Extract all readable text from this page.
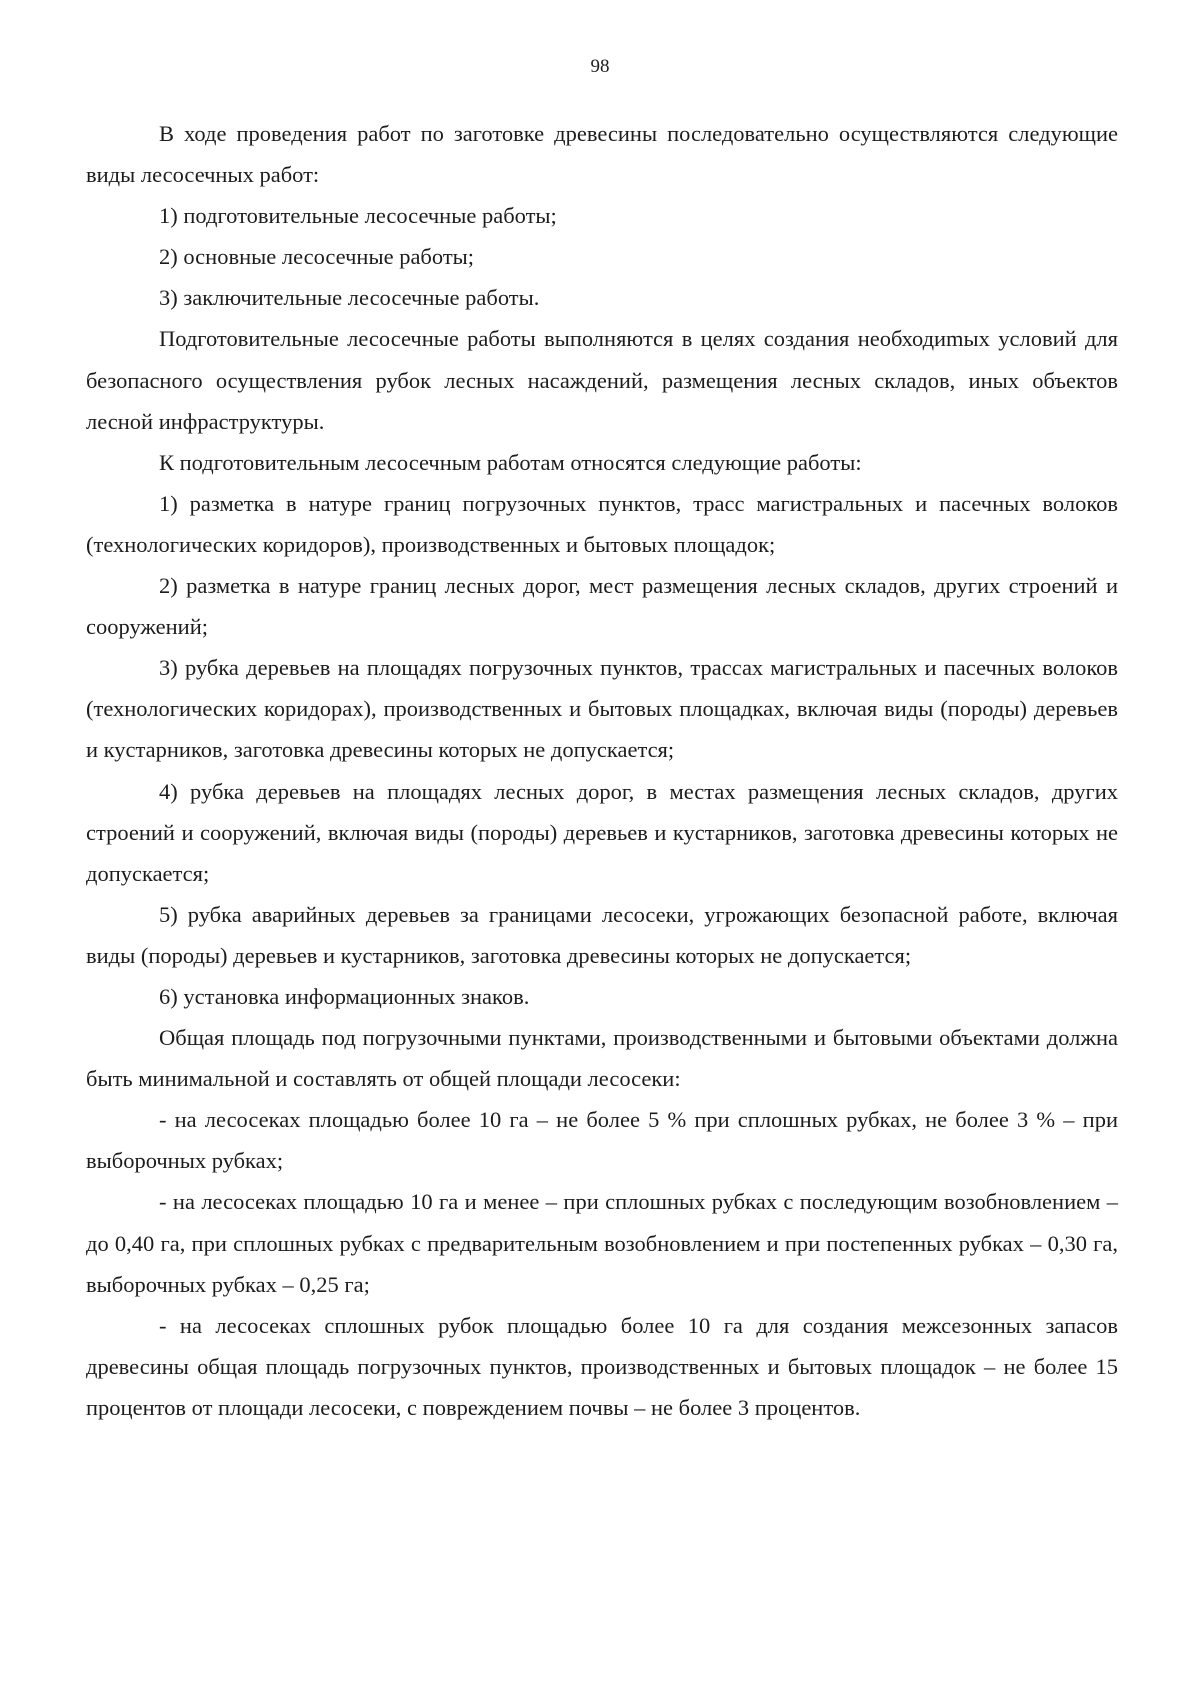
98

В ходе проведения работ по заготовке древесины последовательно осуществляются следующие виды лесосечных работ:

1) подготовительные лесосечные работы;

2) основные лесосечные работы;

3) заключительные лесосечные работы.

Подготовительные лесосечные работы выполняются в целях создания необходиmых условий для безопасного осуществления рубок лесных насаждений, размещения лесных складов, иных объектов лесной инфраструктуры.

К подготовительным лесосечным работам относятся следующие работы:

1) разметка в натуре границ погрузочных пунктов, трасс магистральных и пасечных волоков (технологических коридоров), производственных и бытовых площадок;

2) разметка в натуре границ лесных дорог, мест размещения лесных складов, других строений и сооружений;

3) рубка деревьев на площадях погрузочных пунктов, трассах магистральных и пасечных волоков (технологических коридорах), производственных и бытовых площадках, включая виды (породы) деревьев и кустарников, заготовка древесины которых не допускается;

4) рубка деревьев на площадях лесных дорог, в местах размещения лесных складов, других строений и сооружений, включая виды (породы) деревьев и кустарников, заготовка древесины которых не допускается;

5) рубка аварийных деревьев за границами лесосеки, угрожающих безопасной работе, включая виды (породы) деревьев и кустарников, заготовка древесины которых не допускается;

6) установка информационных знаков.

Общая площадь под погрузочными пунктами, производственными и бытовыми объектами должна быть минимальной и составлять от общей площади лесосеки:

- на лесосеках площадью более 10 га – не более 5 % при сплошных рубках, не более 3 % – при выборочных рубках;

- на лесосеках площадью 10 га и менее – при сплошных рубках с последующим возобновлением – до 0,40 га, при сплошных рубках с предварительным возобновлением и при постепенных рубках – 0,30 га, выборочных рубках – 0,25 га;

- на лесосеках сплошных рубок площадью более 10 га для создания межсезонных запасов древесины общая площадь погрузочных пунктов, производственных и бытовых площадок – не более 15 процентов от площади лесосеки, с повреждением почвы – не более 3 процентов.
